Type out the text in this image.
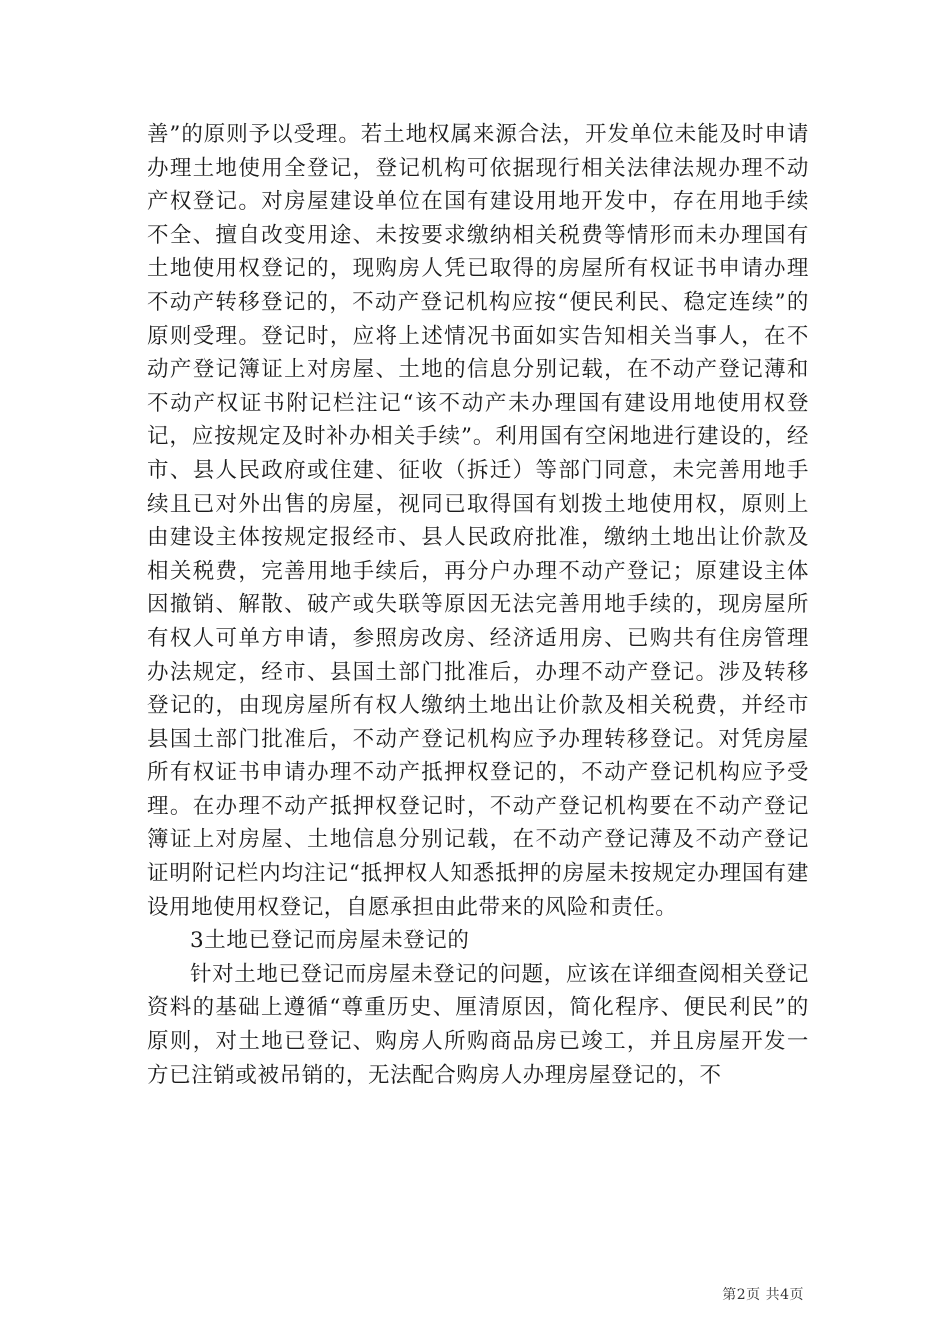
善”的原则予以受理。若土地权属来源合法，开发单位未能及时申请办理土地使用全登记，登记机构可依据现行相关法律法规办理不动产权登记。对房屋建设单位在国有建设用地开发中，存在用地手续不全、擅自改变用途、未按要求缴纳相关税费等情形而未办理国有土地使用权登记的，现购房人凭已取得的房屋所有权证书申请办理不动产转移登记的，不动产登记机构应按“便民利民、稳定连续”的原则受理。登记时，应将上述情况书面如实告知相关当事人，在不动产登记簿证上对房屋、土地的信息分别记载，在不动产登记薄和不动产权证书附记栏注记“该不动产未办理国有建设用地使用权登记，应按规定及时补办相关手续”。利用国有空闲地进行建设的，经市、县人民政府或住建、征收（拆迁）等部门同意，未完善用地手续且已对外出售的房屋，视同已取得国有划拨土地使用权，原则上由建设主体按规定报经市、县人民政府批准，缴纳土地出让价款及相关税费，完善用地手续后，再分户办理不动产登记；原建设主体因撤销、解散、破产或失联等原因无法完善用地手续的，现房屋所有权人可单方申请，参照房改房、经济适用房、已购共有住房管理办法规定，经市、县国土部门批准后，办理不动产登记。涉及转移登记的，由现房屋所有权人缴纳土地出让价款及相关税费，并经市县国土部门批准后，不动产登记机构应予办理转移登记。对凭房屋所有权证书申请办理不动产抵押权登记的，不动产登记机构应予受理。在办理不动产抵押权登记时，不动产登记机构要在不动产登记簿证上对房屋、土地信息分别记载，在不动产登记薄及不动产登记证明附记栏内均注记“抵押权人知悉抵押的房屋未按规定办理国有建设用地使用权登记，自愿承担由此带来的风险和责任。

3土地已登记而房屋未登记的

针对土地已登记而房屋未登记的问题，应该在详细查阅相关登记资料的基础上遵循“尊重历史、厘清原因，简化程序、便民利民”的原则，对土地已登记、购房人所购商品房已竣工，并且房屋开发一方已注销或被吊销的，无法配合购房人办理房屋登记的，不

第2页 共4页
